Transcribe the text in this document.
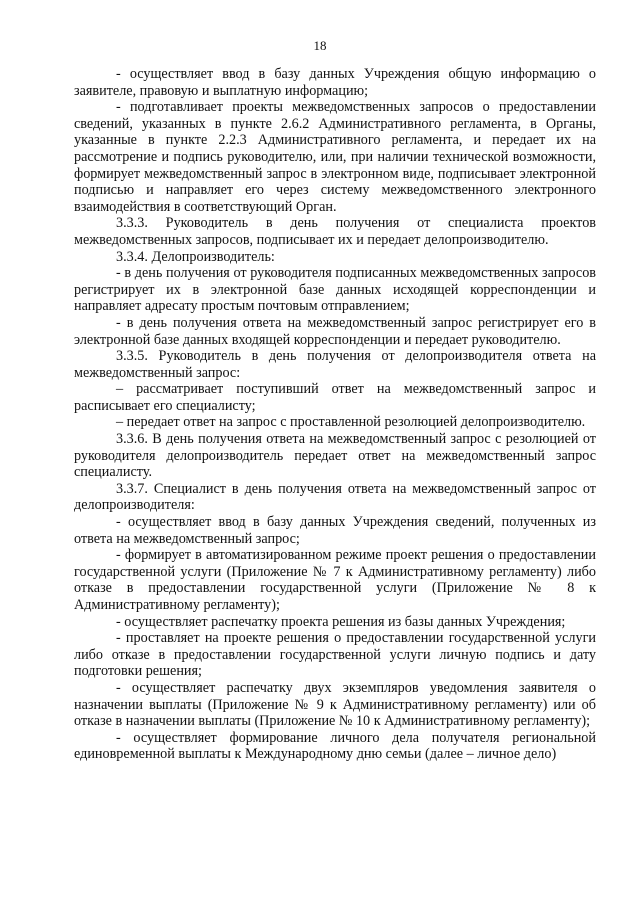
18

- осуществляет ввод в базу данных Учреждения общую информацию о заявителе, правовую и выплатную информацию;

- подготавливает проекты межведомственных запросов о предоставлении сведений, указанных в пункте 2.6.2 Административного регламента, в Органы, указанные в пункте 2.2.3 Административного регламента, и передает их на рассмотрение и подпись руководителю, или, при наличии технической возможности, формирует межведомственный запрос в электронном виде, подписывает электронной подписью и направляет его через систему межведомственного электронного взаимодействия в соответствующий Орган.

3.3.3. Руководитель в день получения от специалиста проектов межведомственных запросов, подписывает их и передает делопроизводителю.

3.3.4. Делопроизводитель:

- в день получения от руководителя подписанных межведомственных запросов регистрирует их в электронной базе данных исходящей корреспонденции и направляет адресату простым почтовым отправлением;

- в день получения ответа на межведомственный запрос регистрирует его в электронной базе данных входящей корреспонденции и передает руководителю.

3.3.5. Руководитель в день получения от делопроизводителя ответа на межведомственный запрос:

– рассматривает поступивший ответ на межведомственный запрос и расписывает его специалисту;

– передает ответ на запрос с проставленной резолюцией делопроизводителю.

3.3.6. В день получения ответа на межведомственный запрос с резолюцией от руководителя делопроизводитель передает ответ на межведомственный запрос специалисту.

3.3.7. Специалист в день получения ответа на межведомственный запрос от делопроизводителя:

- осуществляет ввод в базу данных Учреждения сведений, полученных из ответа на межведомственный запрос;

- формирует в автоматизированном режиме проект решения о предоставлении государственной услуги (Приложение № 7 к Административному регламенту) либо отказе в предоставлении государственной услуги (Приложение № 8 к Административному регламенту);

- осуществляет распечатку проекта решения из базы данных Учреждения;

- проставляет на проекте решения о предоставлении государственной услуги либо отказе в предоставлении государственной услуги личную подпись и дату подготовки решения;

- осуществляет распечатку двух экземпляров уведомления заявителя о назначении выплаты (Приложение № 9 к Административному регламенту) или об отказе в назначении выплаты (Приложение № 10 к Административному регламенту);

- осуществляет формирование личного дела получателя региональной единовременной выплаты к Международному дню семьи (далее – личное дело)
